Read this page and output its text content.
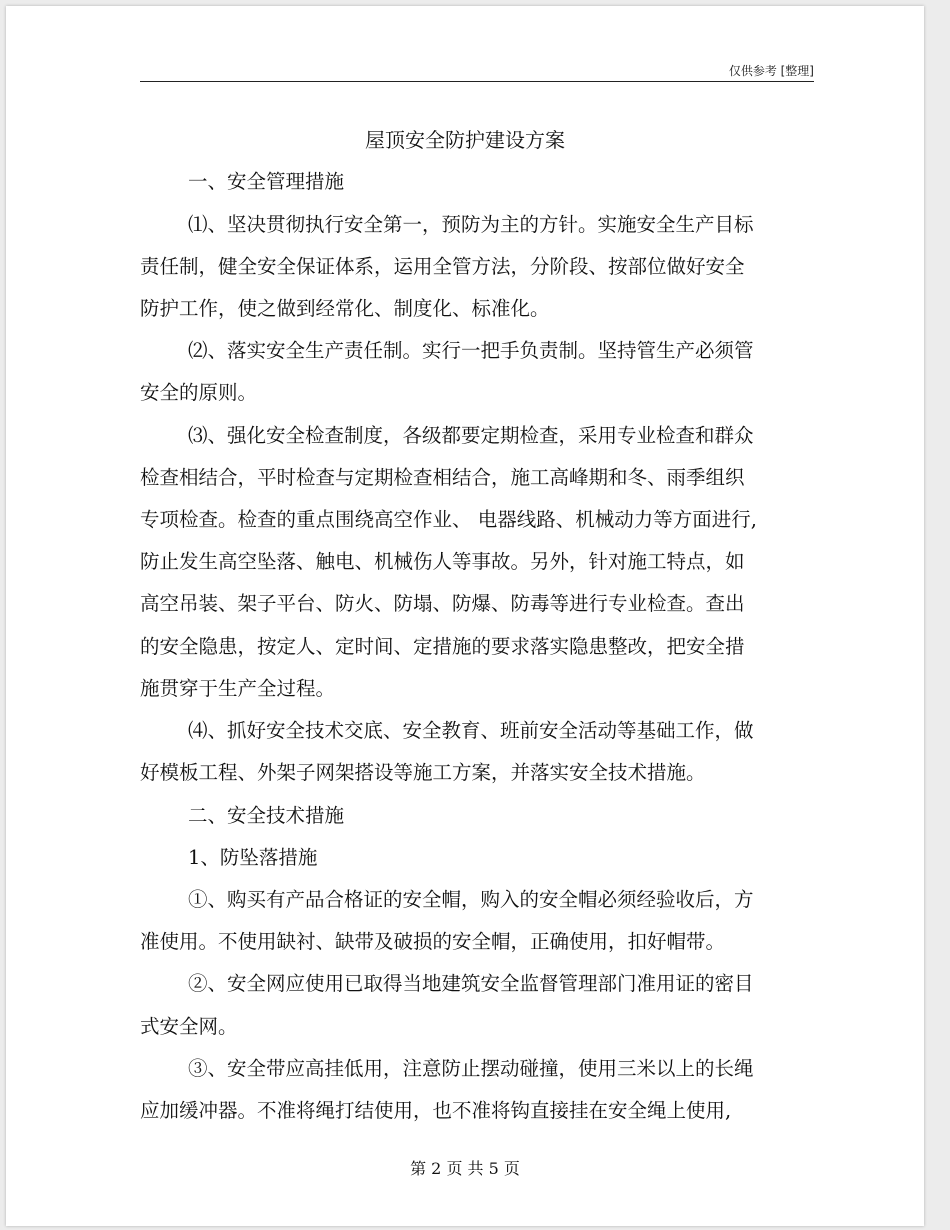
仅供参考 [整理]
屋顶安全防护建设方案
一、安全管理措施
⑴、坚决贯彻执行安全第一，预防为主的方针。实施安全生产目标
责任制，健全安全保证体系，运用全管方法，分阶段、按部位做好安全
防护工作，使之做到经常化、制度化、标准化。
⑵、落实安全生产责任制。实行一把手负责制。坚持管生产必须管
安全的原则。
⑶、强化安全检查制度，各级都要定期检查，采用专业检查和群众
检查相结合，平时检查与定期检查相结合，施工高峰期和冬、雨季组织
专项检查。检查的重点围绕高空作业、 电器线路、机械动力等方面进行,
防止发生高空坠落、触电、机械伤人等事故。另外，针对施工特点，如
高空吊装、架子平台、防火、防塌、防爆、防毒等进行专业检查。查出
的安全隐患，按定人、定时间、定措施的要求落实隐患整改，把安全措
施贯穿于生产全过程。
⑷、抓好安全技术交底、安全教育、班前安全活动等基础工作，做
好模板工程、外架子网架搭设等施工方案，并落实安全技术措施。
二、安全技术措施
1、防坠落措施
①、购买有产品合格证的安全帽，购入的安全帽必须经验收后，方
准使用。不使用缺衬、缺带及破损的安全帽，正确使用，扣好帽带。
②、安全网应使用已取得当地建筑安全监督管理部门准用证的密目
式安全网。
③、安全带应高挂低用，注意防止摆动碰撞，使用三米以上的长绳
应加缓冲器。不准将绳打结使用，也不准将钩直接挂在安全绳上使用,
第 2 页 共 5 页
